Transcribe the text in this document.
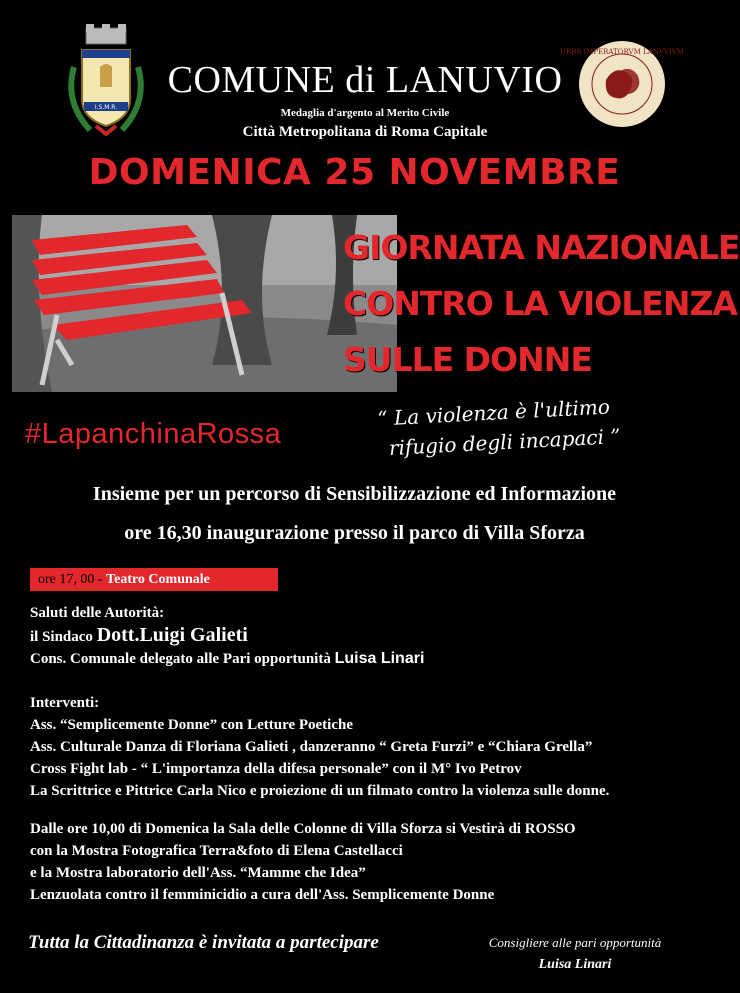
I.S.M.R.
URBS IMPERATORVM LANVVIVM
COMUNE di LANUVIO
Medaglia d'argento al Merito Civile
Città Metropolitana di Roma Capitale
DOMENICA 25 NOVEMBRE
GIORNATA NAZIONALE
CONTRO LA VIOLENZA
SULLE DONNE
#LapanchinaRossa
“ La violenza è l'ultimo
rifugio degli incapaci ”
Insieme per un percorso di Sensibilizzazione ed Informazione
ore 16,30 inaugurazione presso il parco di Villa Sforza
ore 17, 00 - Teatro Comunale
Saluti delle Autorità:
il Sindaco Dott.Luigi Galieti
Cons. Comunale delegato alle Pari opportunità Luisa Linari
Interventi:
Ass. “Semplicemente Donne” con Letture Poetiche
Ass. Culturale Danza di Floriana Galieti , danzeranno “ Greta Furzi” e “Chiara Grella”
Cross Fight lab - “ L'importanza della difesa personale” con il M° Ivo Petrov
La Scrittrice e Pittrice Carla Nico e proiezione di un filmato contro la violenza sulle donne.
Dalle ore 10,00 di Domenica la Sala delle Colonne di Villa Sforza si Vestirà di ROSSO
con la Mostra Fotografica Terra&foto di Elena Castellacci
e la Mostra laboratorio dell'Ass. “Mamme che Idea”
Lenzuolata contro il femminicidio a cura dell'Ass. Semplicemente Donne
Tutta la Cittadinanza è invitata a partecipare	Consigliere alle pari opportunità
Luisa Linari
